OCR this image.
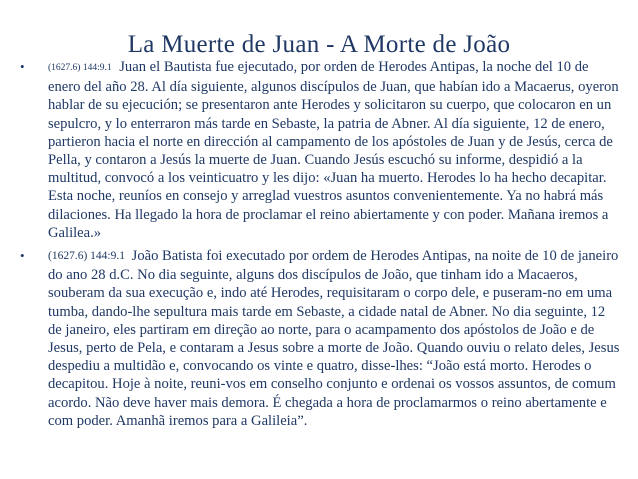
La Muerte de Juan - A Morte de João
• (1627.6) 144:9.1 Juan el Bautista fue ejecutado, por orden de Herodes Antipas, la noche del 10 de enero del año 28. Al día siguiente, algunos discípulos de Juan, que habían ido a Macaerus, oyeron hablar de su ejecución; se presentaron ante Herodes y solicitaron su cuerpo, que colocaron en un sepulcro, y lo enterraron más tarde en Sebaste, la patria de Abner. Al día siguiente, 12 de enero, partieron hacia el norte en dirección al campamento de los apóstoles de Juan y de Jesús, cerca de Pella, y contaron a Jesús la muerte de Juan. Cuando Jesús escuchó su informe, despidió a la multitud, convocó a los veinticuatro y les dijo: «Juan ha muerto. Herodes lo ha hecho decapitar. Esta noche, reuníos en consejo y arreglad vuestros asuntos convenientemente. Ya no habrá más dilaciones. Ha llegado la hora de proclamar el reino abiertamente y con poder. Mañana iremos a Galilea.»

• (1627.6) 144:9.1 João Batista foi executado por ordem de Herodes Antipas, na noite de 10 de janeiro do ano 28 d.C. No dia seguinte, alguns dos discípulos de João, que tinham ido a Macaeros, souberam da sua execução e, indo até Herodes, requisitaram o corpo dele, e puseram-no em uma tumba, dando-lhe sepultura mais tarde em Sebaste, a cidade natal de Abner. No dia seguinte, 12 de janeiro, eles partiram em direção ao norte, para o acampamento dos apóstolos de João e de Jesus, perto de Pela, e contaram a Jesus sobre a morte de João. Quando ouviu o relato deles, Jesus despediu a multidão e, convocando os vinte e quatro, disse-lhes: “João está morto. Herodes o decapitou. Hoje à noite, reuni-vos em conselho conjunto e ordenai os vossos assuntos, de comum acordo. Não deve haver mais demora. É chegada a hora de proclamarmos o reino abertamente e com poder. Amanhã iremos para a Galileia”.
